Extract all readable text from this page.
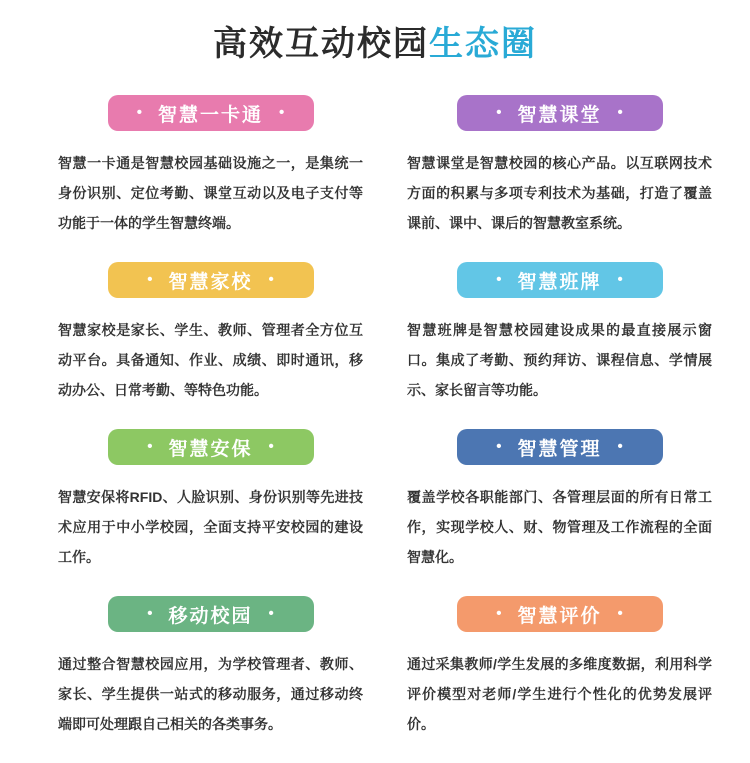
高效互动校园生态圈
• 智慧一卡通 •

智慧一卡通是智慧校园基础设施之一，是集统一身份识别、定位考勤、课堂互动以及电子支付等功能于一体的学生智慧终端。

• 智慧课堂 •

智慧课堂是智慧校园的核心产品。以互联网技术方面的积累与多项专利技术为基础，打造了覆盖课前、课中、课后的智慧教室系统。

• 智慧家校 •

智慧家校是家长、学生、教师、管理者全方位互动平台。具备通知、作业、成绩、即时通讯，移动办公、日常考勤、等特色功能。

• 智慧班牌 •

智慧班牌是智慧校园建设成果的最直接展示窗口。集成了考勤、预约拜访、课程信息、学情展示、家长留言等功能。

• 智慧安保 •

智慧安保将RFID、人脸识别、身份识别等先进技术应用于中小学校园，全面支持平安校园的建设工作。

• 智慧管理 •

覆盖学校各职能部门、各管理层面的所有日常工作，实现学校人、财、物管理及工作流程的全面智慧化。

• 移动校园 •

通过整合智慧校园应用，为学校管理者、教师、家长、学生提供一站式的移动服务，通过移动终端即可处理跟自己相关的各类事务。

• 智慧评价 •

通过采集教师/学生发展的多维度数据，利用科学评价模型对老师/学生进行个性化的优势发展评价。
